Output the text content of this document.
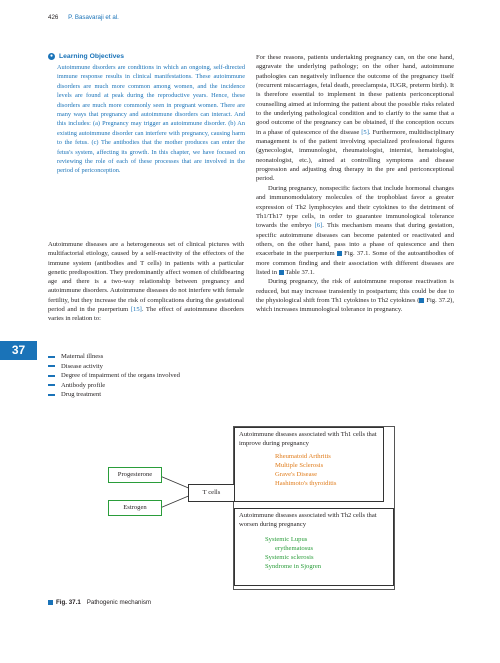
426 P. Basavaraji et al.
37
● Learning Objectives

Autoimmune disorders are conditions in which an ongoing, self-directed immune response results in clinical manifestations. These autoimmune disorders are much more common among women, and the incidence levels are found at peak during the reproductive years. Hence, these disorders are much more commonly seen in pregnant women. There are many ways that pregnancy and autoimmune disorders can interact. And this includes: (a) Pregnancy may trigger an autoimmune disorder. (b) An existing autoimmune disorder can interfere with pregnancy, causing harm to the fetus. (c) The antibodies that the mother produces can enter the fetus's system, affecting its growth. In this chapter, we have focused on reviewing the role of each of these processes that are involved in the period of periconception.

Autoimmune diseases are a heterogeneous set of clinical pictures with multifactorial etiology, caused by a self-reactivity of the effectors of the immune system (antibodies and T cells) in patients with a particular genetic predisposition. They predominantly affect women of childbearing age and there is a two-way relationship between pregnancy and autoimmune disorders. Autoimmune diseases do not interfere with female fertility, but they increase the risk of complications during the gestational period and in the puerperium [15]. The effect of autoimmune disorders varies in relation to:

Maternal illness
Disease activity
Degree of impairment of the organs involved
Antibody profile
Drug treatment

For these reasons, patients undertaking pregnancy can, on the one hand, aggravate the underlying pathology; on the other hand, autoimmune pathologies can negatively influence the outcome of the pregnancy itself (recurrent miscarriages, fetal death, preeclampsia, IUGR, preterm birth). It is therefore essential to implement in these patients periconceptional counselling aimed at informing the patient about the possible risks related to the underlying pathological condition and to clarify to the same that a good outcome of the pregnancy can be obtained, if the conception occurs in a phase of quiescence of the disease [5]. Furthermore, multidisciplinary management is of the patient involving specialized professional figures (gynecologist, immunologist, rheumatologist, internist, hematologist, neonatologist, etc.), aimed at controlling symptoms and disease progression and adjusting drug therapy in the pre and periconceptional period.

During pregnancy, nonspecific factors that include hormonal changes and immunomodulatory molecules of the trophoblast favor a greater expression of Th2 lymphocytes and their cytokines to the detriment of Th1/Th17 type cells, in order to guarantee immunological tolerance towards the embryo [6]. This mechanism means that during gestation, specific autoimmune diseases can become patented or reactivated and others, on the other hand, pass into a phase of quiescence and then exacerbate in the puerperium  Fig. 37.1. Some of the autoantibodies of more common finding and their association with different diseases are listed in  Table 37.1.

During pregnancy, the risk of autoimmune response reactivation is reduced, but may increase transiently in postpartum; this could be due to the physiological shift from Th1 cytokines to Th2 cytokines ( Fig. 37.2), which increases immunological tolerance in pregnancy.

Autoimmune diseases associated with Th1 cells that improve during pregnancy
Rheumatoid Arthritis
Multiple Sclerosis
Grave's Disease
Hashimoto's thyroiditis
Autoimmune diseases associated with Th2 cells that worsen during pregnancy
Systemic Lupus
erythematosus
Systemic sclerosis
Syndrome in Sjogren
Progesterone
Estrogen
T cells
Fig. 37.1 Pathogenic mechanism
